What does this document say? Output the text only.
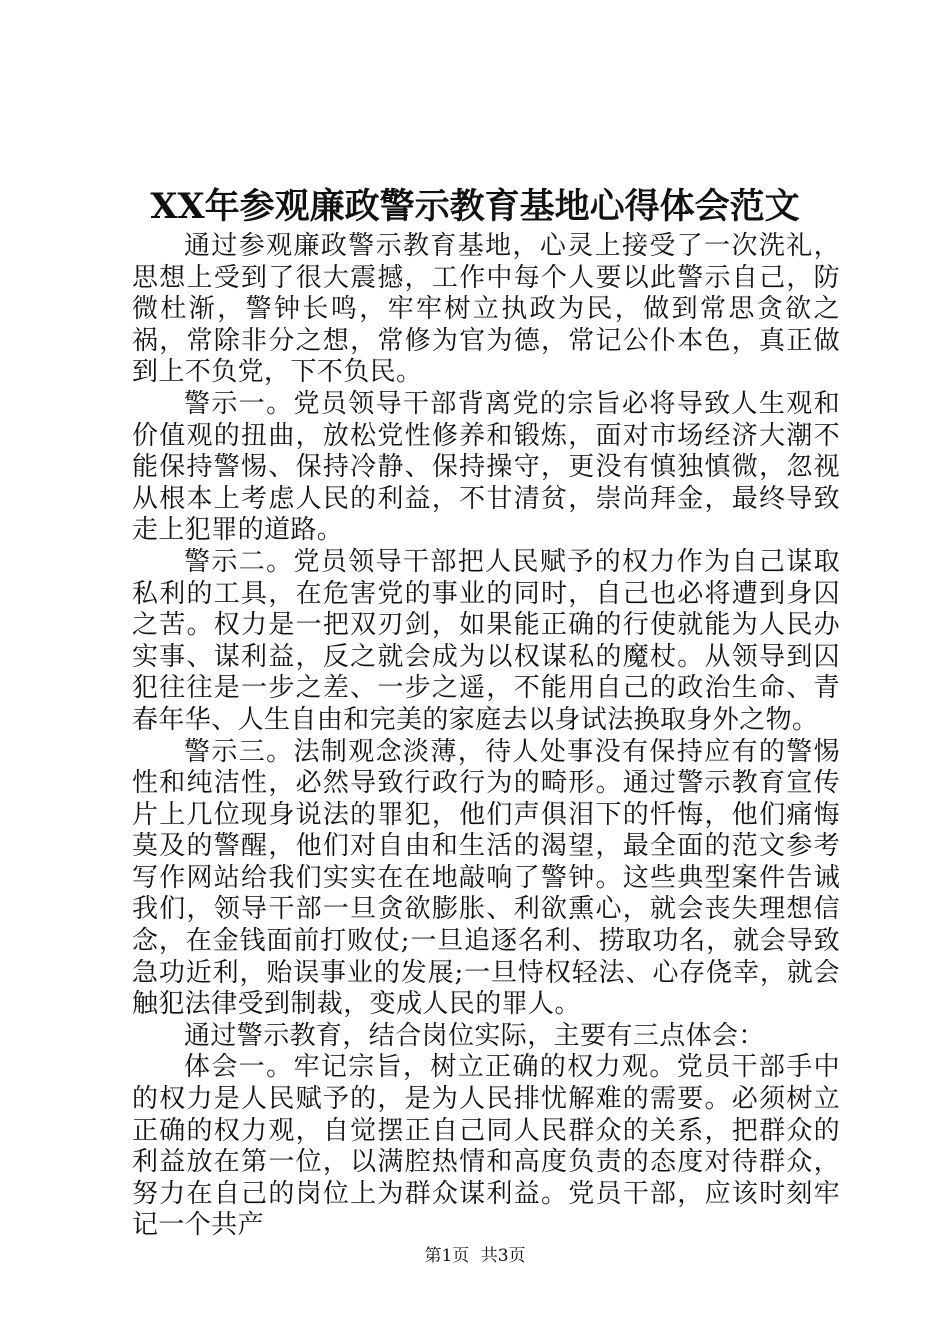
XX年参观廉政警示教育基地心得体会范文

通过参观廉政警示教育基地，心灵上接受了一次洗礼，思想上受到了很大震撼，工作中每个人要以此警示自己，防微杜渐，警钟长鸣，牢牢树立执政为民，做到常思贪欲之祸，常除非分之想，常修为官为德，常记公仆本色，真正做到上不负党，下不负民。

警示一。党员领导干部背离党的宗旨必将导致人生观和价值观的扭曲，放松党性修养和锻炼，面对市场经济大潮不能保持警惕、保持冷静、保持操守，更没有慎独慎微，忽视从根本上考虑人民的利益，不甘清贫，崇尚拜金，最终导致走上犯罪的道路。

警示二。党员领导干部把人民赋予的权力作为自己谋取私利的工具，在危害党的事业的同时，自己也必将遭到身囚之苦。权力是一把双刃剑，如果能正确的行使就能为人民办实事、谋利益，反之就会成为以权谋私的魔杖。从领导到囚犯往往是一步之差、一步之遥，不能用自己的政治生命、青春年华、人生自由和完美的家庭去以身试法换取身外之物。

警示三。法制观念淡薄，待人处事没有保持应有的警惕性和纯洁性，必然导致行政行为的畸形。通过警示教育宣传片上几位现身说法的罪犯，他们声俱泪下的忏悔，他们痛悔莫及的警醒，他们对自由和生活的渴望，最全面的范文参考写作网站给我们实实在在地敲响了警钟。这些典型案件告诫我们，领导干部一旦贪欲膨胀、利欲熏心，就会丧失理想信念，在金钱面前打败仗;一旦追逐名利、捞取功名，就会导致急功近利，贻误事业的发展;一旦恃权轻法、心存侥幸，就会触犯法律受到制裁，变成人民的罪人。

通过警示教育，结合岗位实际，主要有三点体会：

体会一。牢记宗旨，树立正确的权力观。党员干部手中的权力是人民赋予的，是为人民排忧解难的需要。必须树立正确的权力观，自觉摆正自己同人民群众的关系，把群众的利益放在第一位，以满腔热情和高度负责的态度对待群众，努力在自己的岗位上为群众谋利益。党员干部，应该时刻牢记一个共产

第1页 共3页
